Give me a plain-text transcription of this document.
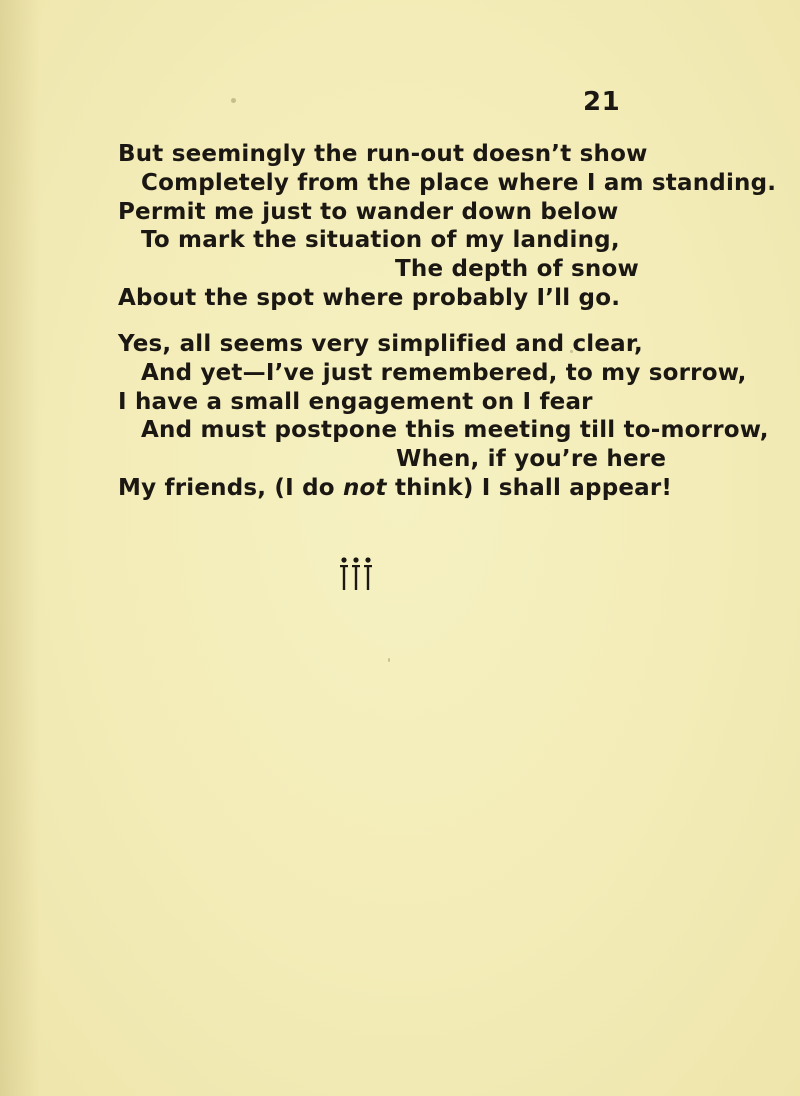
21
But seemingly the run-out doesn’t show
Completely from the place where I am standing.
Permit me just to wander down below
To mark the situation of my landing,
The depth of snow
About the spot where probably I’ll go.
Yes, all seems very simplified and clear,
And yet—I’ve just remembered, to my sorrow,
I have a small engagement on I fear
And must postpone this meeting till to-morrow,
When, if you’re here
My friends, (I do not think) I shall appear!
